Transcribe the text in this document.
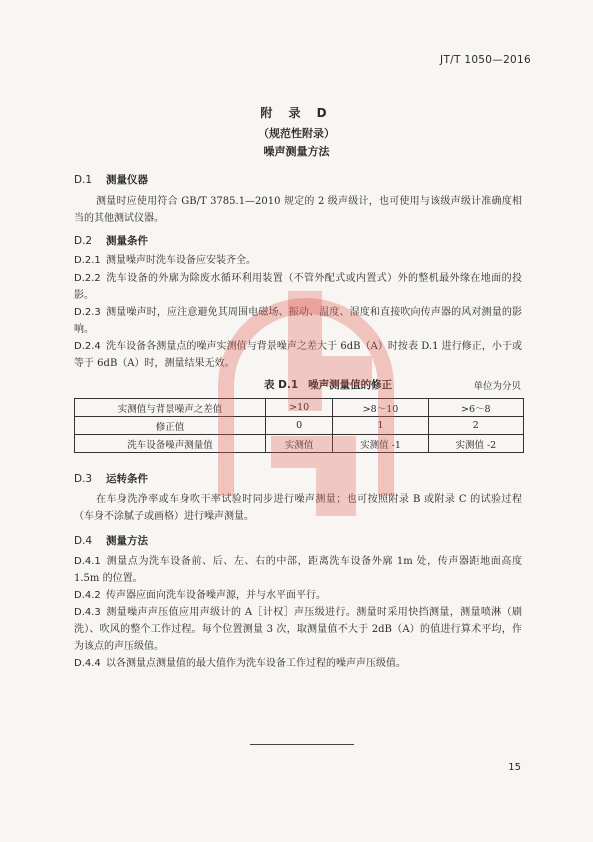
JT/T 1050—2016
附 录 D
（规范性附录）
噪声测量方法
D.1 测量仪器
测量时应使用符合 GB/T 3785.1—2010 规定的 2 级声级计，也可使用与该级声级计准确度相当的其他测试仪器。
D.2 测量条件
D.2.1 测量噪声时洗车设备应安装齐全。
D.2.2 洗车设备的外廓为除废水循环利用装置（不管外配式或内置式）外的整机最外缘在地面的投影。
D.2.3 测量噪声时，应注意避免其周围电磁场、振动、温度、湿度和直接吹向传声器的风对测量的影响。
D.2.4 洗车设备各测量点的噪声实测值与背景噪声之差大于 6dB（A）时按表 D.1 进行修正，小于或等于 6dB（A）时，测量结果无效。
表 D.1 噪声测量值的修正	单位为分贝
实测值与背景噪声之差值	>10	>8～10	>6～8
修正值	0	1	2
洗车设备噪声测量值	实测值	实测值 -1	实测值 -2
D.3 运转条件
在车身洗净率或车身吹干率试验时同步进行噪声测量；也可按照附录 B 或附录 C 的试验过程（车身不涂腻子或画格）进行噪声测量。
D.4 测量方法
D.4.1 测量点为洗车设备前、后、左、右的中部，距离洗车设备外廓 1m 处，传声器距地面高度 1.5m 的位置。
D.4.2 传声器应面向洗车设备噪声源，并与水平面平行。
D.4.3 测量噪声声压值应用声级计的 A［计权］声压级进行。测量时采用快挡测量，测量喷淋（刷洗）、吹风的整个工作过程。每个位置测量 3 次，取测量值不大于 2dB（A）的值进行算术平均，作为该点的声压级值。
D.4.4 以各测量点测量值的最大值作为洗车设备工作过程的噪声声压级值。
15
